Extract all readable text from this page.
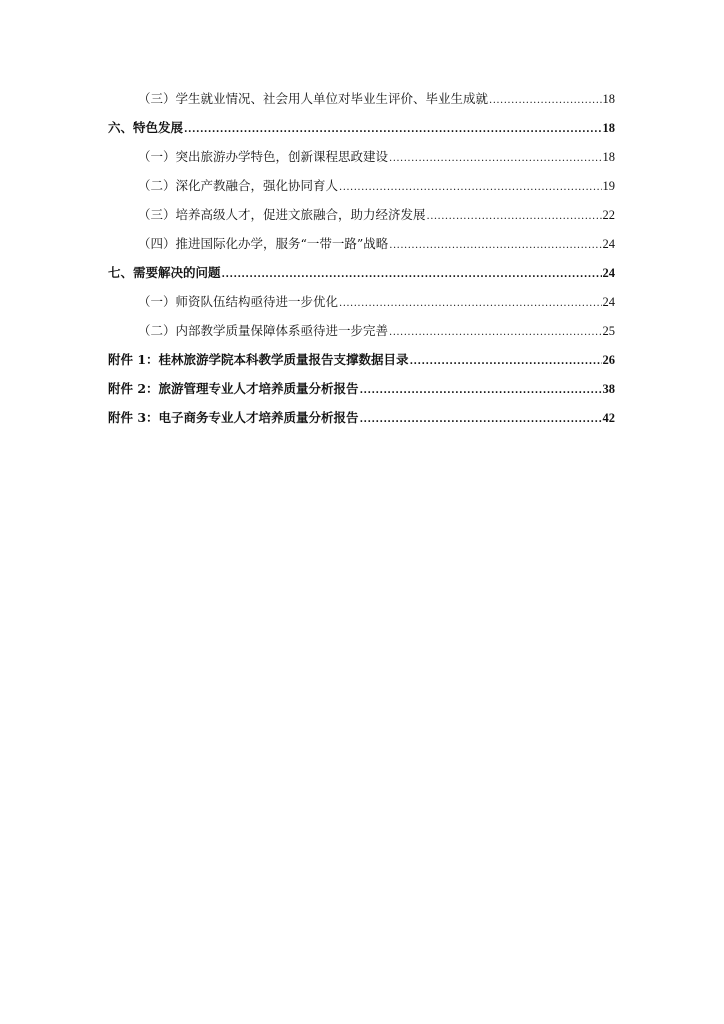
（三）学生就业情况、社会用人单位对毕业生评价、毕业生成就 .....	18
六、特色发展 .....	18
（一）突出旅游办学特色，创新课程思政建设 .....	18
（二）深化产教融合，强化协同育人 .....	19
（三）培养高级人才，促进文旅融合，助力经济发展 .....	22
（四）推进国际化办学，服务“一带一路”战略 .....	24
七、需要解决的问题 .....	24
（一）师资队伍结构亟待进一步优化 .....	24
（二）内部教学质量保障体系亟待进一步完善 .....	25
附件 1：桂林旅游学院本科教学质量报告支撑数据目录 .....	26
附件 2：旅游管理专业人才培养质量分析报告 .....	38
附件 3：电子商务专业人才培养质量分析报告 .....	42
